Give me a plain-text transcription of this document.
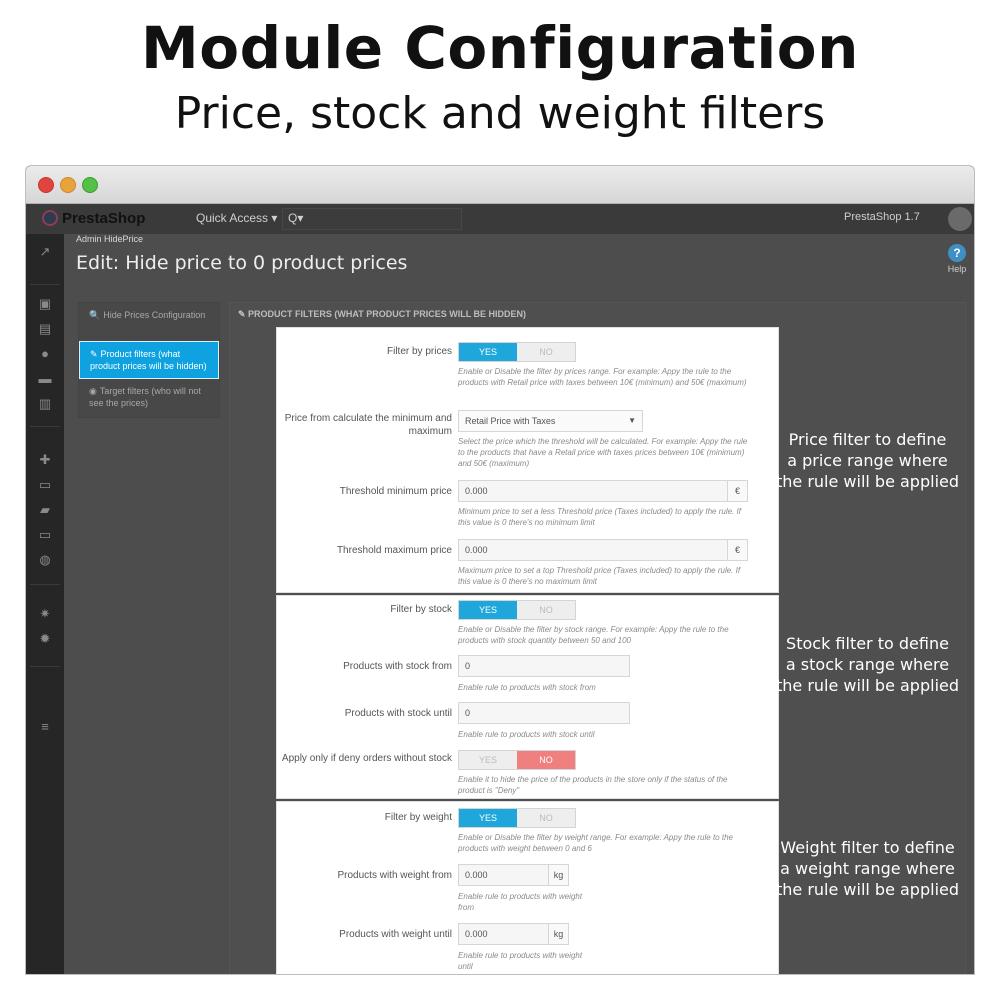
Module Configuration
Price, stock and weight filters
PrestaShop	Quick Access ▾ Q▾	PrestaShop 1.7
↗
▣
▤
●
▬
▥
✚
▭
▰
▭
◍
✷
✹
≡
Admin HidePrice
Edit: Hide price to 0 product prices	?
Help
🔍 Hide Prices Configuration
✎ Product filters (what product prices will be hidden)
◉ Target filters (who will not see the prices)
✎ PRODUCT FILTERS (WHAT PRODUCT PRICES WILL BE HIDDEN)
Filter by prices	YES	NO
Enable or Disable the filter by prices range. For example: Appy the rule to the products with Retail price with taxes between 10€ (minimum) and 50€ (maximum)
Price from calculate the minimum and maximum
Retail Price with Taxes	▼
Select the price which the threshold will be calculated. For example: Appy the rule to the products that have a Retail price with taxes prices between 10€ (minimum) and 50€ (maximum)
Threshold minimum price	0.000	€
Minimum price to set a less Threshold price (Taxes included) to apply the rule. If this value is 0 there's no minimum limit
Threshold maximum price	0.000	€
Maximum price to set a top Threshold price (Taxes included) to apply the rule. If this value is 0 there's no maximum limit
Filter by stock	YES	NO
Enable or Disable the filter by stock range. For example: Appy the rule to the products with stock quantity between 50 and 100
Products with stock from	0
Enable rule to products with stock from
Products with stock until	0
Enable rule to products with stock until
Apply only if deny orders without stock	YES	NO
Enable it to hide the price of the products in the store only if the status of the product is "Deny"
Filter by weight	YES	NO
Enable or Disable the filter by weight range. For example: Appy the rule to the products with weight between 0 and 6
Products with weight from	0.000	kg
Enable rule to products with weight from
Products with weight until	0.000	kg
Enable rule to products with weight until
Price filter to define
a price range where
the rule will be applied
Stock filter to define
a stock range where
the rule will be applied
Weight filter to define
a weight range where
the rule will be applied
